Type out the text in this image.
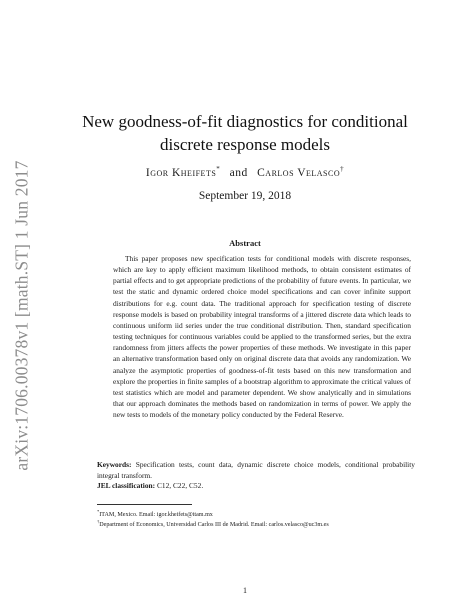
arXiv:1706.00378v1 [math.ST] 1 Jun 2017
New goodness-of-fit diagnostics for conditional
discrete response models
Igor Kheifets* and Carlos Velasco†
September 19, 2018
Abstract
This paper proposes new specification tests for conditional models with discrete responses, which are key to apply efficient maximum likelihood methods, to obtain consistent estimates of partial effects and to get appropriate predictions of the probability of future events. In particular, we test the static and dynamic ordered choice model specifications and can cover infinite support distributions for e.g. count data. The traditional approach for specification testing of discrete response models is based on probability integral transforms of a jittered discrete data which leads to continuous uniform iid series under the true conditional distribution. Then, standard specification testing techniques for continuous variables could be applied to the transformed series, but the extra randomness from jitters affects the power properties of these methods. We investigate in this paper an alternative transformation based only on original discrete data that avoids any randomization. We analyze the asymptotic properties of goodness-of-fit tests based on this new transformation and explore the properties in finite samples of a bootstrap algorithm to approximate the critical values of test statistics which are model and parameter dependent. We show analytically and in simulations that our approach dominates the methods based on randomization in terms of power. We apply the new tests to models of the monetary policy conducted by the Federal Reserve.
Keywords: Specification tests, count data, dynamic discrete choice models, conditional probability integral transform.
JEL classification: C12, C22, C52.
*ITAM, Mexico. Email: igor.kheifets@itam.mx
†Department of Economics, Universidad Carlos III de Madrid. Email: carlos.velasco@uc3m.es
1
